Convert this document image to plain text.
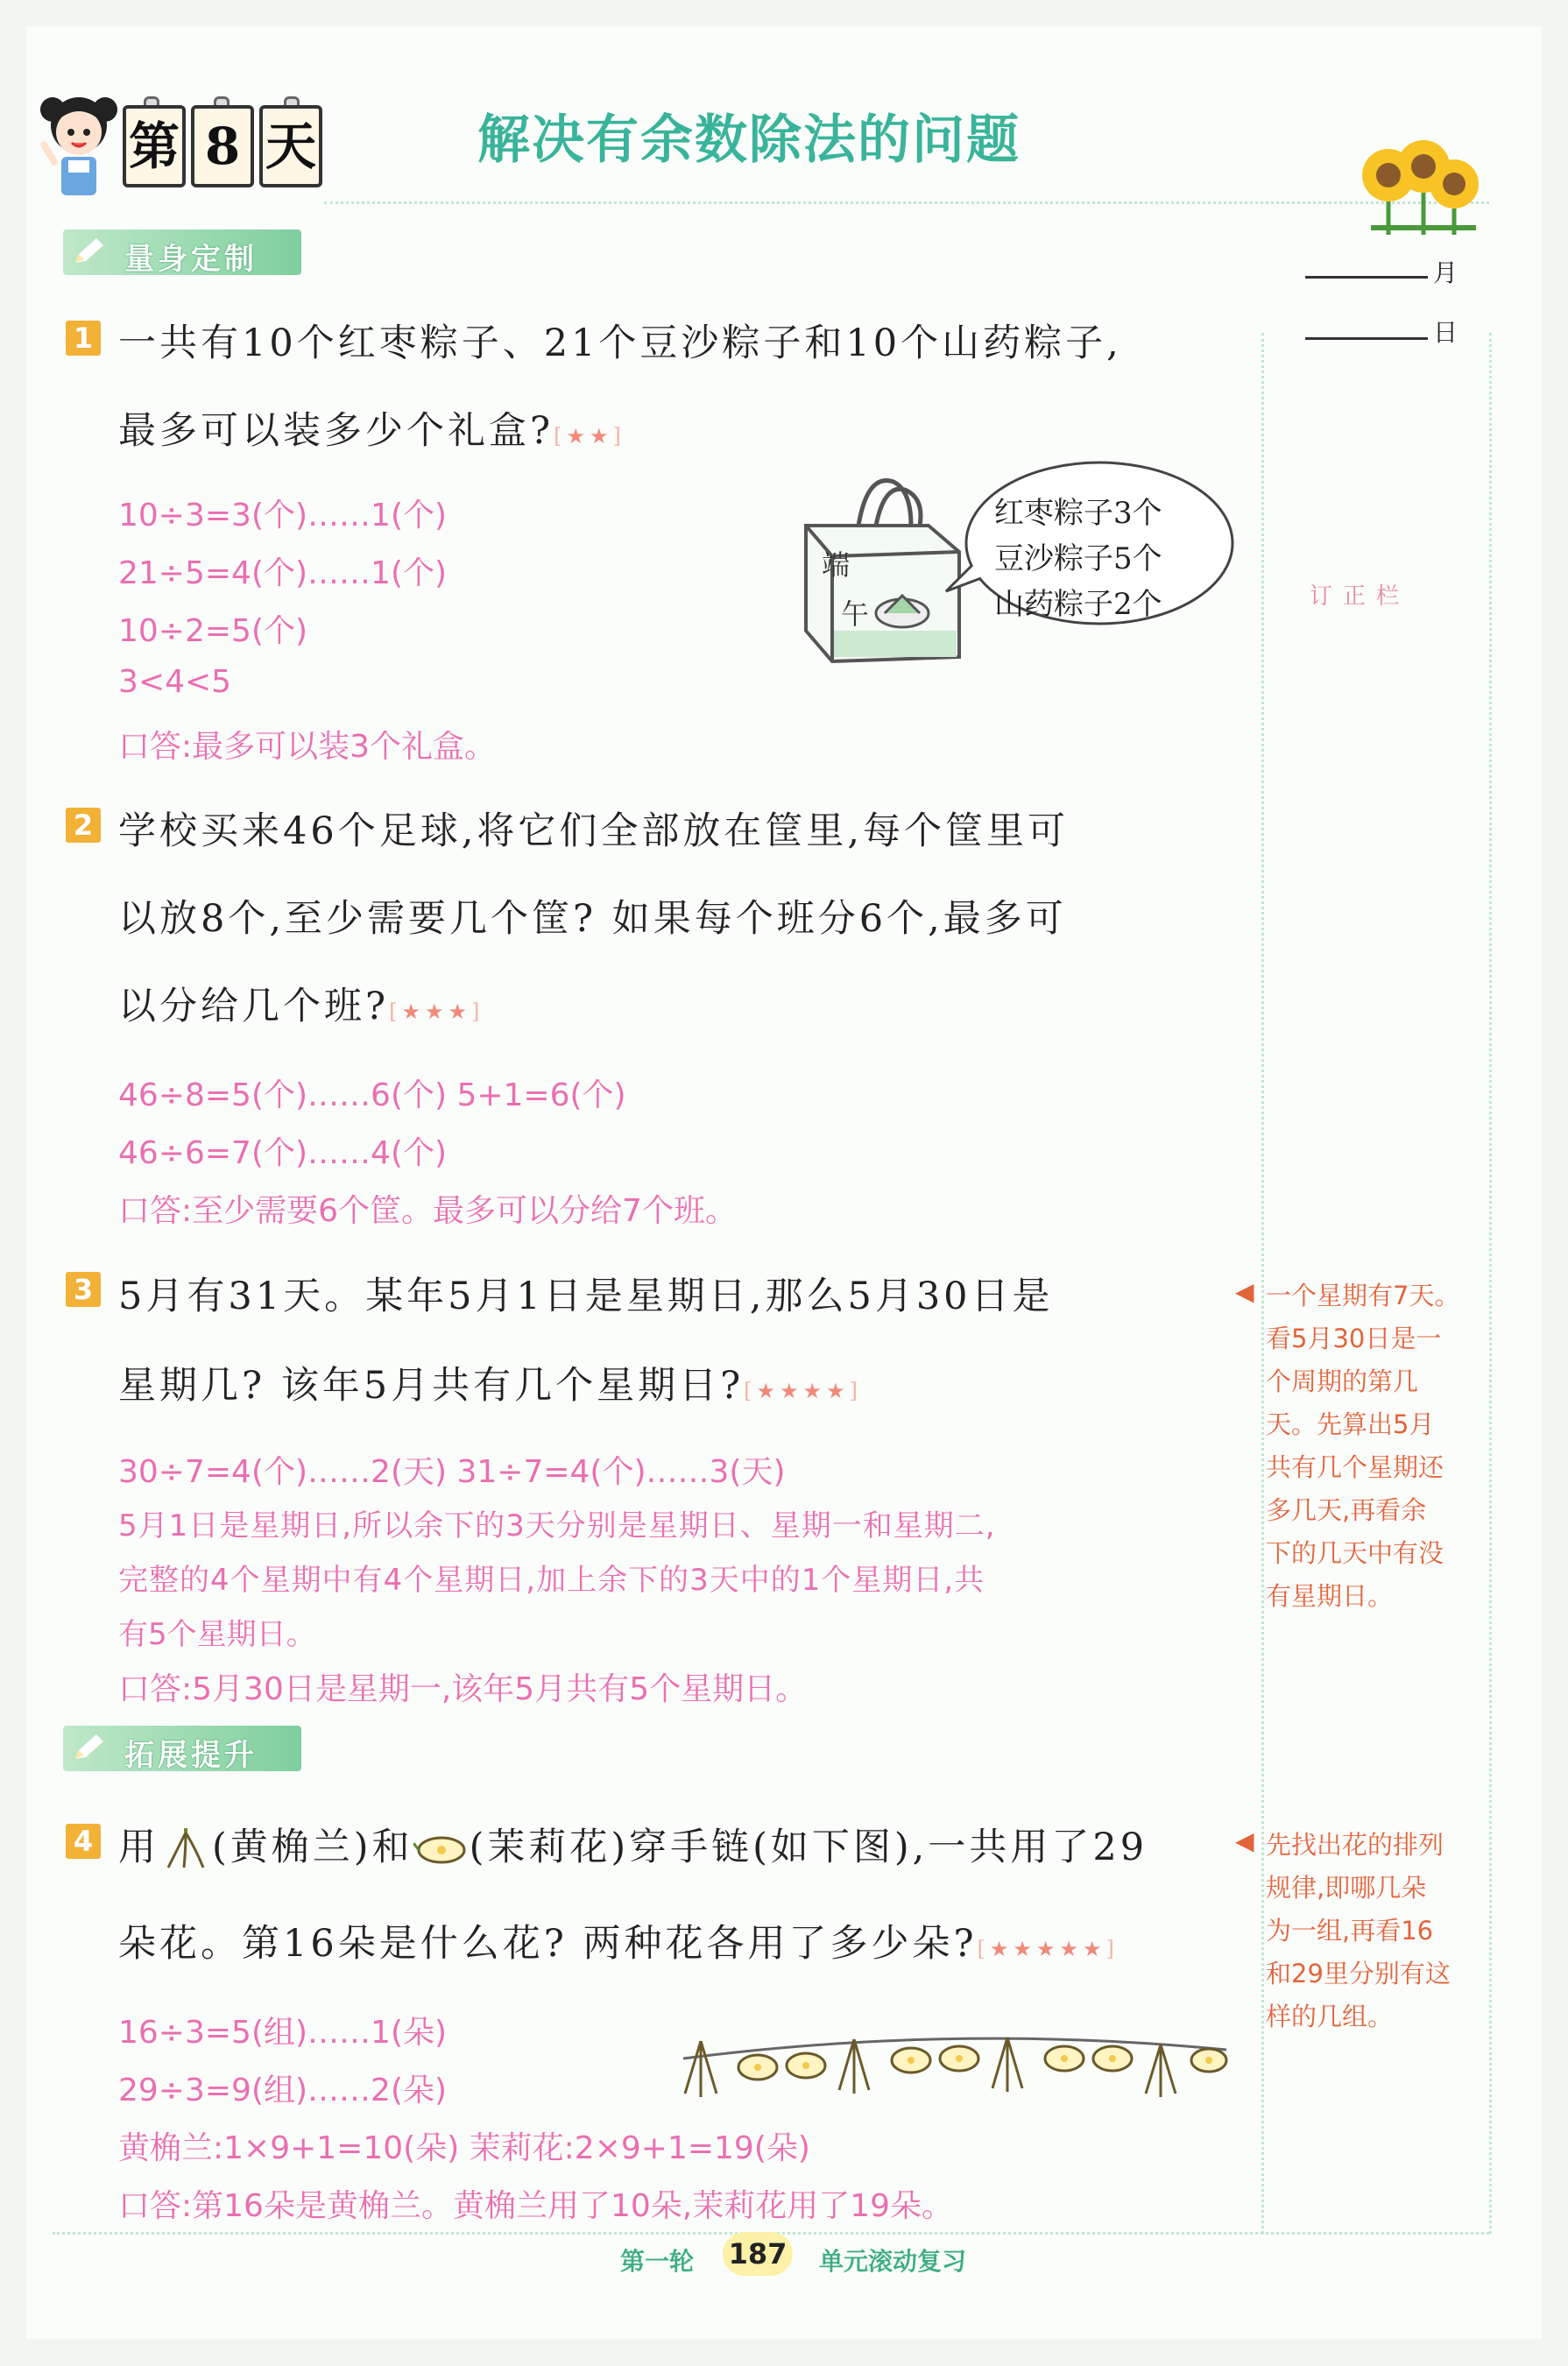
第 8 天	解决有余数除法的问题
月
日
订正栏
量身定制
1 一共有10个红枣粽子、21个豆沙粽子和10个山药粽子,
最多可以装多少个礼盒?[★★]
10÷3=3(个)……1(个)
21÷5=4(个)……1(个)
10÷2=5(个)
3<4<5
口答:最多可以装3个礼盒。
端
午
红枣粽子3个
豆沙粽子5个
山药粽子2个
2 学校买来46个足球,将它们全部放在筐里,每个筐里可
以放8个,至少需要几个筐? 如果每个班分6个,最多可
以分给几个班?[★★★]
46÷8=5(个)……6(个) 5+1=6(个)
46÷6=7(个)……4(个)
口答:至少需要6个筐。最多可以分给7个班。
3 5月有31天。某年5月1日是星期日,那么5月30日是
星期几? 该年5月共有几个星期日?[★★★★]
30÷7=4(个)……2(天) 31÷7=4(个)……3(天)
5月1日是星期日,所以余下的3天分别是星期日、星期一和星期二,
完整的4个星期中有4个星期日,加上余下的3天中的1个星期日,共
有5个星期日。
口答:5月30日是星期一,该年5月共有5个星期日。
◀ 一个星期有7天。
看5月30日是一
个周期的第几
天。先算出5月
共有几个星期还
多几天,再看余
下的几天中有没
有星期日。
拓展提升
4 用 (黄桷兰)和 (茉莉花)穿手链(如下图),一共用了29
朵花。第16朵是什么花? 两种花各用了多少朵?[★★★★★]
16÷3=5(组)……1(朵)
29÷3=9(组)……2(朵)
黄桷兰:1×9+1=10(朵) 茉莉花:2×9+1=19(朵)
口答:第16朵是黄桷兰。黄桷兰用了10朵,茉莉花用了19朵。
◀ 先找出花的排列
规律,即哪几朵
为一组,再看16
和29里分别有这
样的几组。
第一轮 187 单元滚动复习
